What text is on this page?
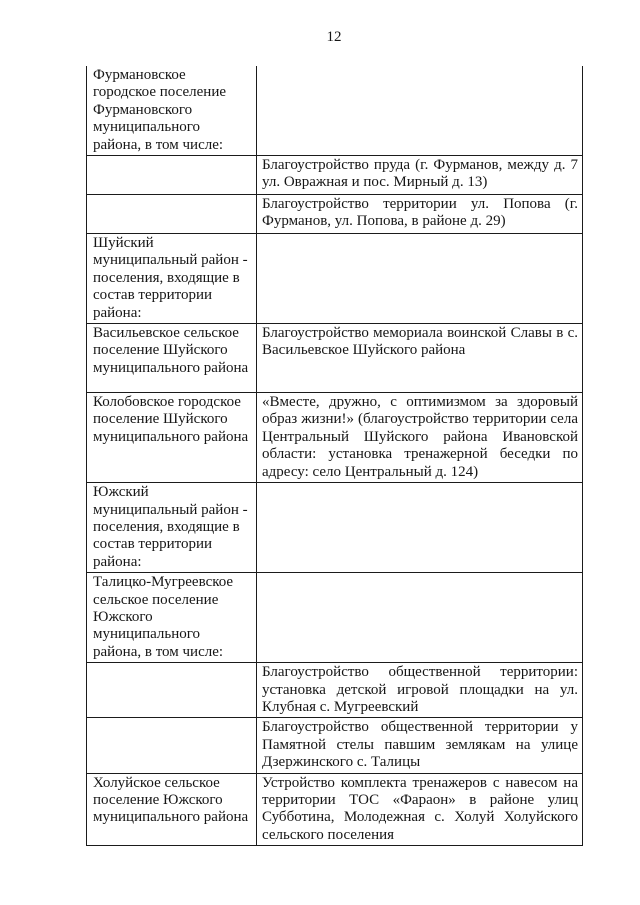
12
Фурмановское городское поселение Фурмановского муниципального района, в том числе:	
	Благоустройство пруда (г. Фурманов, между д. 7 ул. Овражная и пос. Мирный д. 13)
	Благоустройство территории ул. Попова (г. Фурманов, ул. Попова, в районе д. 29)
Шуйский муниципальный район - поселения, входящие в состав территории района:	
Васильевское сельское поселение Шуйского муниципального района	Благоустройство мемориала воинской Славы в с. Васильевское Шуйского района
Колобовское городское поселение Шуйского муниципального района	«Вместе, дружно, с оптимизмом за здоровый образ жизни!» (благоустройство территории села Центральный Шуйского района Ивановской области: установка тренажерной беседки по адресу: село Центральный д. 124)
Южский муниципальный район - поселения, входящие в состав территории района:	
Талицко-Мугреевское сельское поселение Южского муниципального района, в том числе:	
	Благоустройство общественной территории: установка детской игровой площадки на ул. Клубная с. Мугреевский
	Благоустройство общественной территории у Памятной стелы павшим землякам на улице Дзержинского с. Талицы
Холуйское сельское поселение Южского муниципального района	Устройство комплекта тренажеров с навесом на территории ТОС «Фараон» в районе улиц Субботина, Молодежная с. Холуй Холуйского сельского поселения
